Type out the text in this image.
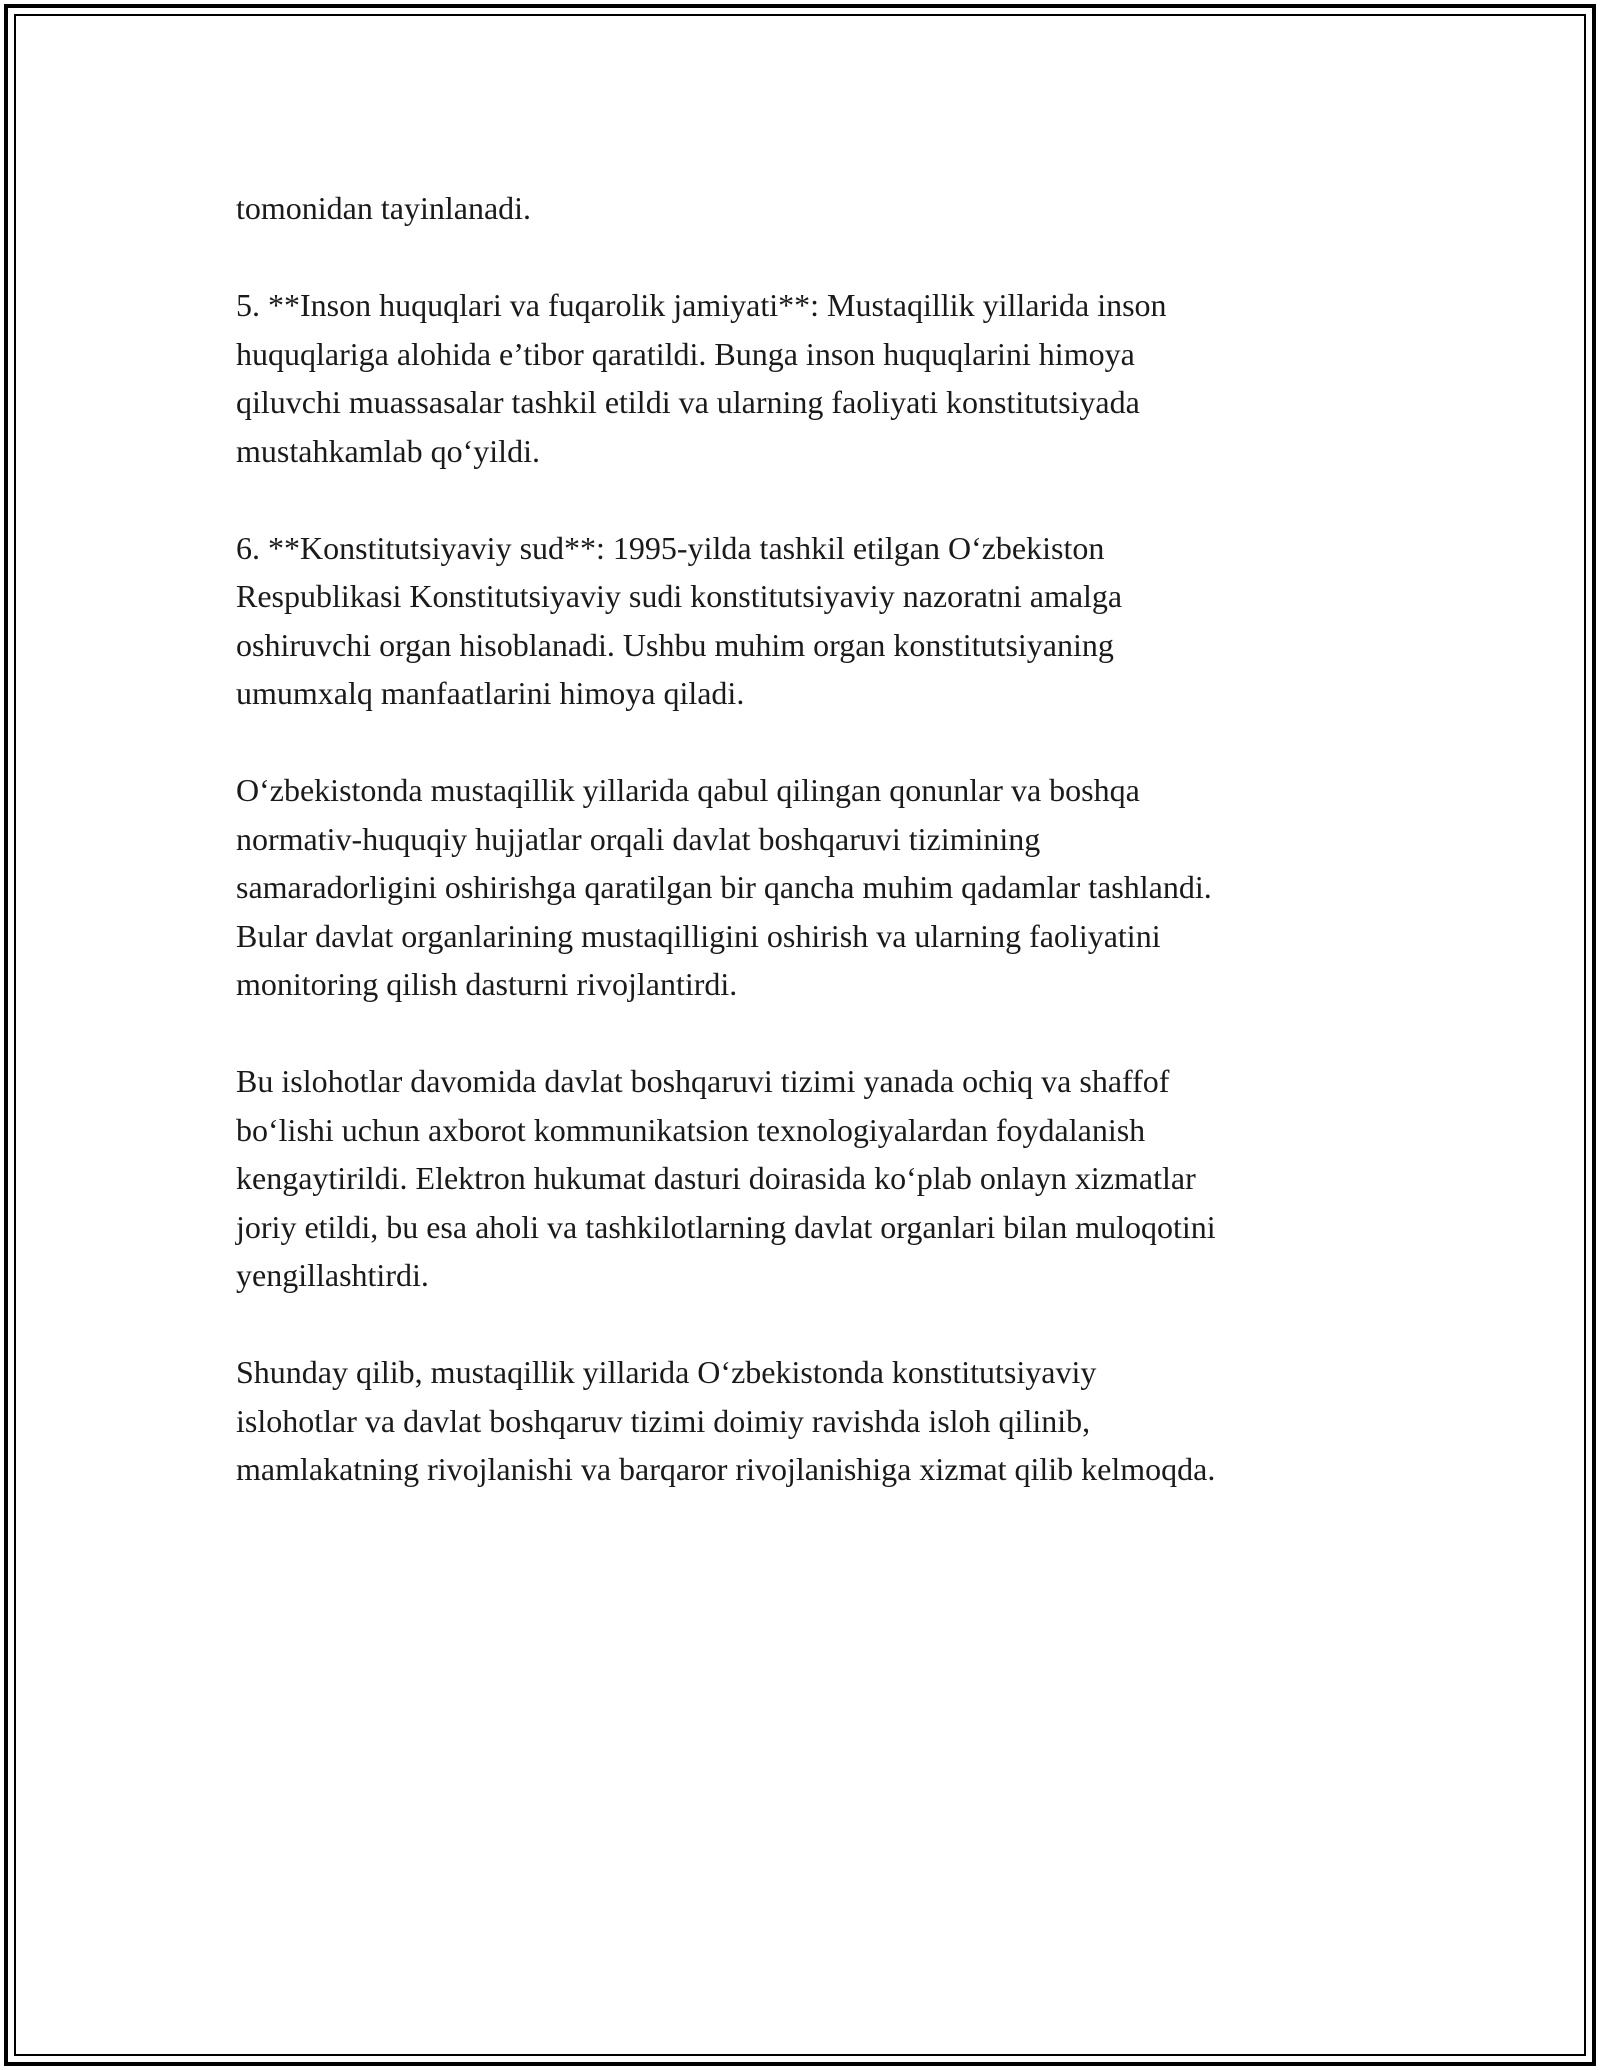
tomonidan tayinlanadi.

5. **Inson huquqlari va fuqarolik jamiyati**: Mustaqillik yillarida inson
huquqlariga alohida e’tibor qaratildi. Bunga inson huquqlarini himoya
qiluvchi muassasalar tashkil etildi va ularning faoliyati konstitutsiyada
mustahkamlab qo‘yildi.

6. **Konstitutsiyaviy sud**: 1995-yilda tashkil etilgan O‘zbekiston
Respublikasi Konstitutsiyaviy sudi konstitutsiyaviy nazoratni amalga
oshiruvchi organ hisoblanadi. Ushbu muhim organ konstitutsiyaning
umumxalq manfaatlarini himoya qiladi.

O‘zbekistonda mustaqillik yillarida qabul qilingan qonunlar va boshqa
normativ-huquqiy hujjatlar orqali davlat boshqaruvi tizimining
samaradorligini oshirishga qaratilgan bir qancha muhim qadamlar tashlandi.
Bular davlat organlarining mustaqilligini oshirish va ularning faoliyatini
monitoring qilish dasturni rivojlantirdi.

Bu islohotlar davomida davlat boshqaruvi tizimi yanada ochiq va shaffof
bo‘lishi uchun axborot kommunikatsion texnologiyalardan foydalanish
kengaytirildi. Elektron hukumat dasturi doirasida ko‘plab onlayn xizmatlar
joriy etildi, bu esa aholi va tashkilotlarning davlat organlari bilan muloqotini
yengillashtirdi.

Shunday qilib, mustaqillik yillarida O‘zbekistonda konstitutsiyaviy
islohotlar va davlat boshqaruv tizimi doimiy ravishda isloh qilinib,
mamlakatning rivojlanishi va barqaror rivojlanishiga xizmat qilib kelmoqda.
